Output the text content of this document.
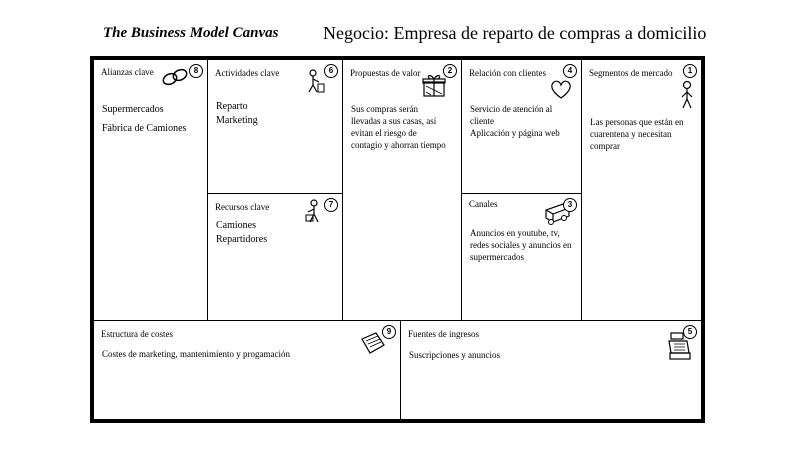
The Business Model Canvas Negocio: Empresa de reparto de compras a domicilio
Alianzas clave	8
Supermercados
Fábrica de Camiones
Actividades clave	6
Reparto
Marketing
Recursos clave	7
Camiones
Repartidores
Propuestas de valor	2
Sus compras serán
llevadas a sus casas, así
evitan el riesgo de
contagio y ahorran tiempo
Relación con clientes	4
Servicio de atención al
cliente
Aplicación y página web
Canales	3
Anuncios en youtube, tv,
redes sociales y anuncios en
supermercados
Segmentos de mercado	1
Las personas que están en
cuarentena y necesitan
comprar
Estructura de costes	9
Costes de marketing, mantenimiento y progamación
Fuentes de ingresos	5
Suscripciones y anuncios
